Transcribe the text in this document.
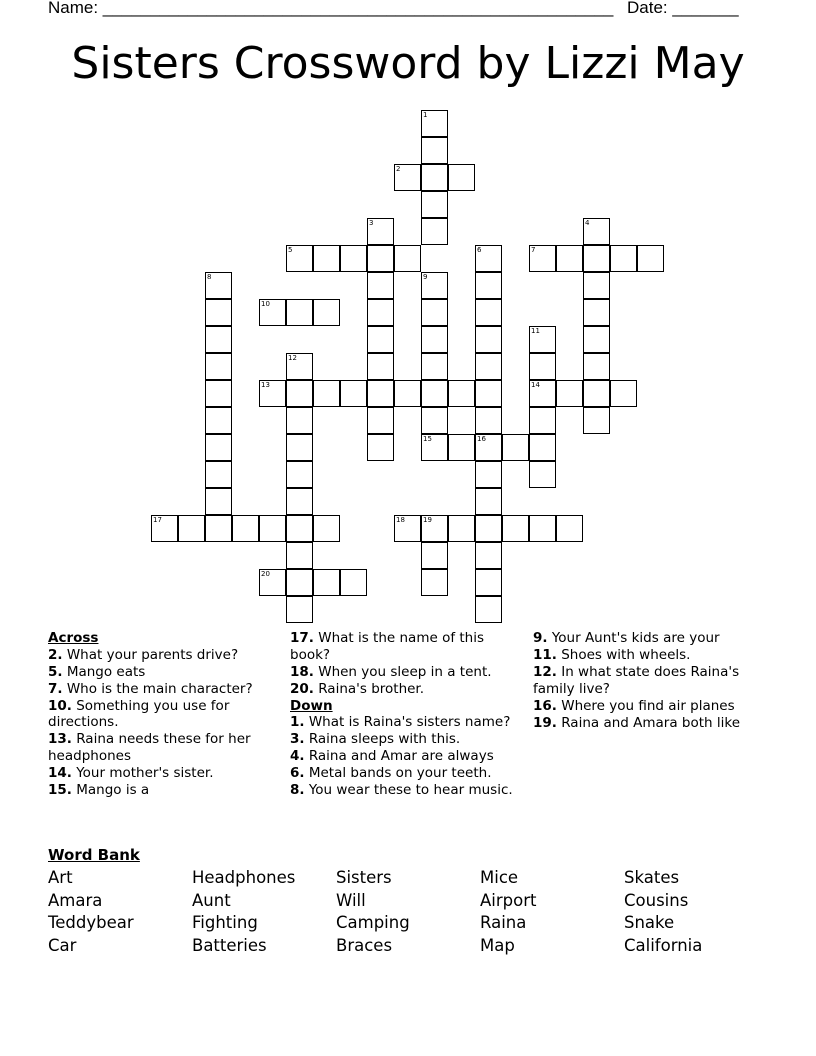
Name: ______________________________________________________ Date: _______
Sisters Crossword by Lizzi May
1
2
3	4
5	6	7
8	9
10
11
12
13	14
15	16
17	18	19
20
Across
2. What your parents drive?
5. Mango eats
7. Who is the main character?
10. Something you use for directions.
13. Raina needs these for her headphones
14. Your mother's sister.
15. Mango is a
17. What is the name of this book?
18. When you sleep in a tent.
20. Raina's brother.
Down
1. What is Raina's sisters name?
3. Raina sleeps with this.
4. Raina and Amar are always
6. Metal bands on your teeth.
8. You wear these to hear music.
9. Your Aunt's kids are your
11. Shoes with wheels.
12. In what state does Raina's family live?
16. Where you find air planes
19. Raina and Amara both like
Word Bank
Art	Headphones Sisters	Mice	Skates
Amara	Aunt	Will	Airport	Cousins
Teddybear	Fighting	Camping	Raina	Snake
Car	Batteries	Braces	Map	California
